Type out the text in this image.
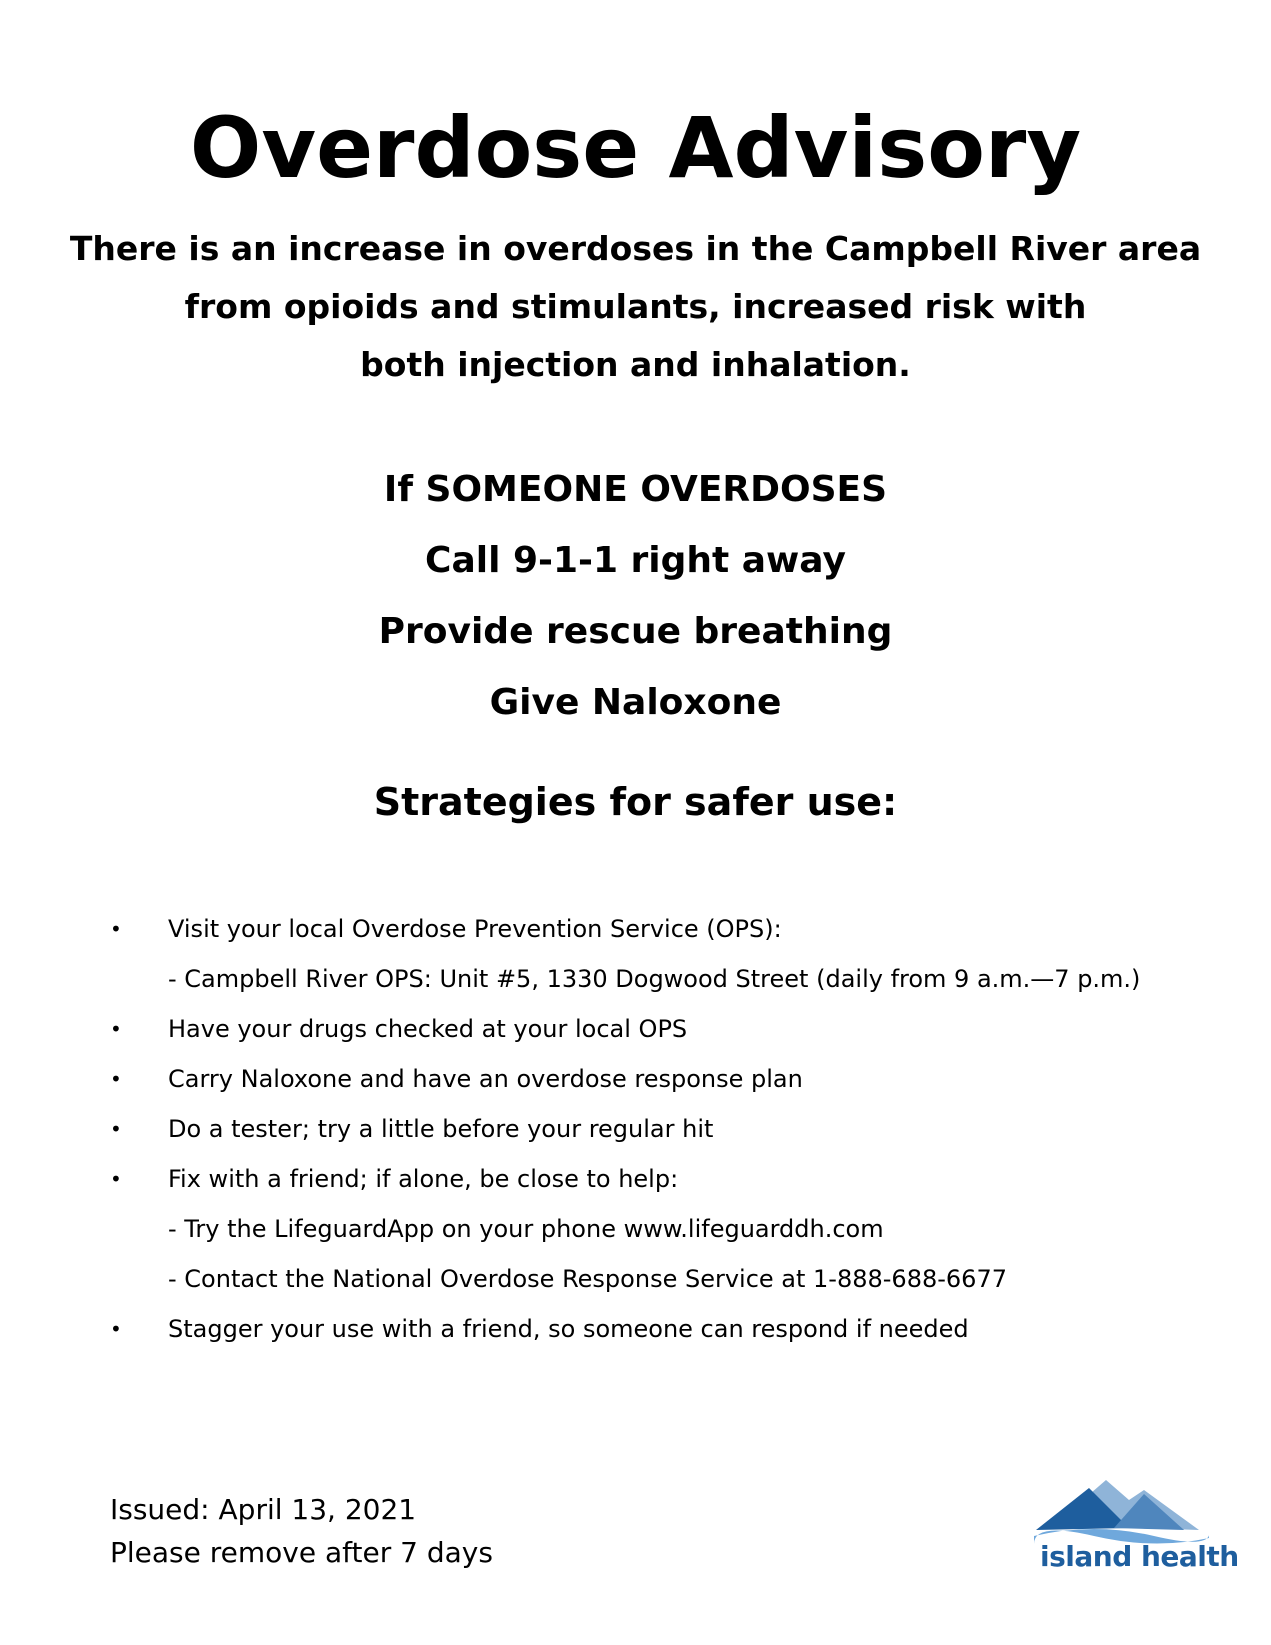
Overdose Advisory
There is an increase in overdoses in the Campbell River area
from opioids and stimulants, increased risk with
both injection and inhalation.
If SOMEONE OVERDOSES
Call 9-1-1 right away
Provide rescue breathing
Give Naloxone
Strategies for safer use:
• Visit your local Overdose Prevention Service (OPS):
- Campbell River OPS: Unit #5, 1330 Dogwood Street (daily from 9 a.m.—7 p.m.)
• Have your drugs checked at your local OPS
• Carry Naloxone and have an overdose response plan
• Do a tester; try a little before your regular hit
• Fix with a friend; if alone, be close to help:
- Try the LifeguardApp on your phone www.lifeguarddh.com
- Contact the National Overdose Response Service at 1-888-688-6677
• Stagger your use with a friend, so someone can respond if needed
Issued: April 13, 2021
Please remove after 7 days	island health
